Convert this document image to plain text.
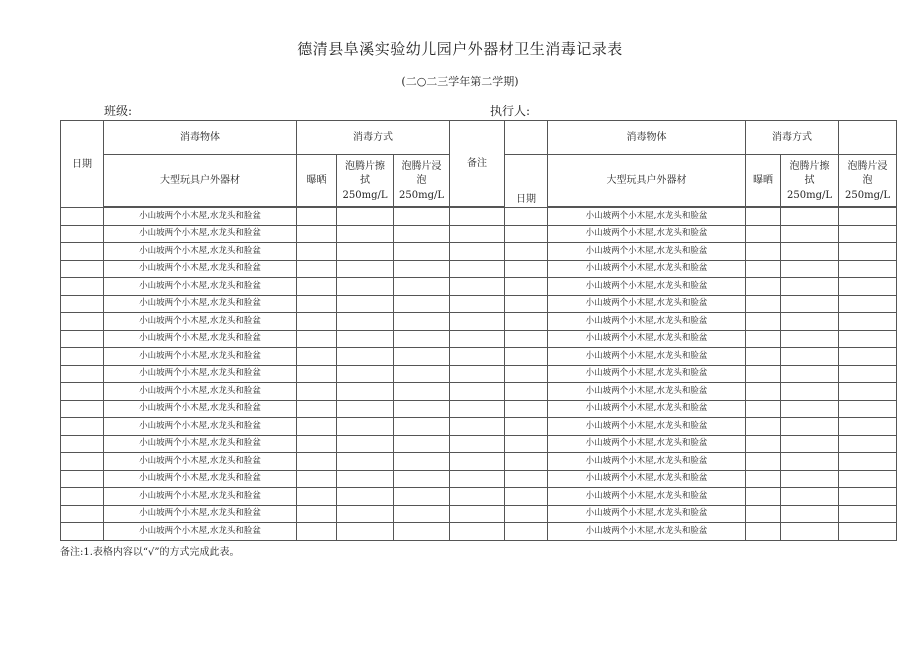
德清县阜溪实验幼儿园户外器材卫生消毒记录表
(二○二三学年第二学期)
班级:	执行人:
日期	消毒物体	消毒方式			备注		消毒物体	消毒方式		
	大型玩具户外器材	曝晒	泡腾片擦
拭
250mg/L	泡腾片浸
泡
250mg/L		日期	大型玩具户外器材	曝晒	泡腾片擦
拭
250mg/L	泡腾片浸
泡
250mg/L

	小山坡两个小木屋,水龙头和脸盆						小山坡两个小木屋,水龙头和脸盆			
	小山坡两个小木屋,水龙头和脸盆						小山坡两个小木屋,水龙头和脸盆			
	小山坡两个小木屋,水龙头和脸盆						小山坡两个小木屋,水龙头和脸盆			
	小山坡两个小木屋,水龙头和脸盆						小山坡两个小木屋,水龙头和脸盆			
	小山坡两个小木屋,水龙头和脸盆						小山坡两个小木屋,水龙头和脸盆			
	小山坡两个小木屋,水龙头和脸盆						小山坡两个小木屋,水龙头和脸盆			
	小山坡两个小木屋,水龙头和脸盆						小山坡两个小木屋,水龙头和脸盆			
	小山坡两个小木屋,水龙头和脸盆						小山坡两个小木屋,水龙头和脸盆			
	小山坡两个小木屋,水龙头和脸盆						小山坡两个小木屋,水龙头和脸盆			
	小山坡两个小木屋,水龙头和脸盆						小山坡两个小木屋,水龙头和脸盆			
	小山坡两个小木屋,水龙头和脸盆						小山坡两个小木屋,水龙头和脸盆			
	小山坡两个小木屋,水龙头和脸盆						小山坡两个小木屋,水龙头和脸盆			
	小山坡两个小木屋,水龙头和脸盆						小山坡两个小木屋,水龙头和脸盆			
	小山坡两个小木屋,水龙头和脸盆						小山坡两个小木屋,水龙头和脸盆			
	小山坡两个小木屋,水龙头和脸盆						小山坡两个小木屋,水龙头和脸盆			
	小山坡两个小木屋,水龙头和脸盆						小山坡两个小木屋,水龙头和脸盆			
	小山坡两个小木屋,水龙头和脸盆						小山坡两个小木屋,水龙头和脸盆			
	小山坡两个小木屋,水龙头和脸盆						小山坡两个小木屋,水龙头和脸盆			
	小山坡两个小木屋,水龙头和脸盆						小山坡两个小木屋,水龙头和脸盆			
备注:1.表格内容以“√”的方式完成此表。
